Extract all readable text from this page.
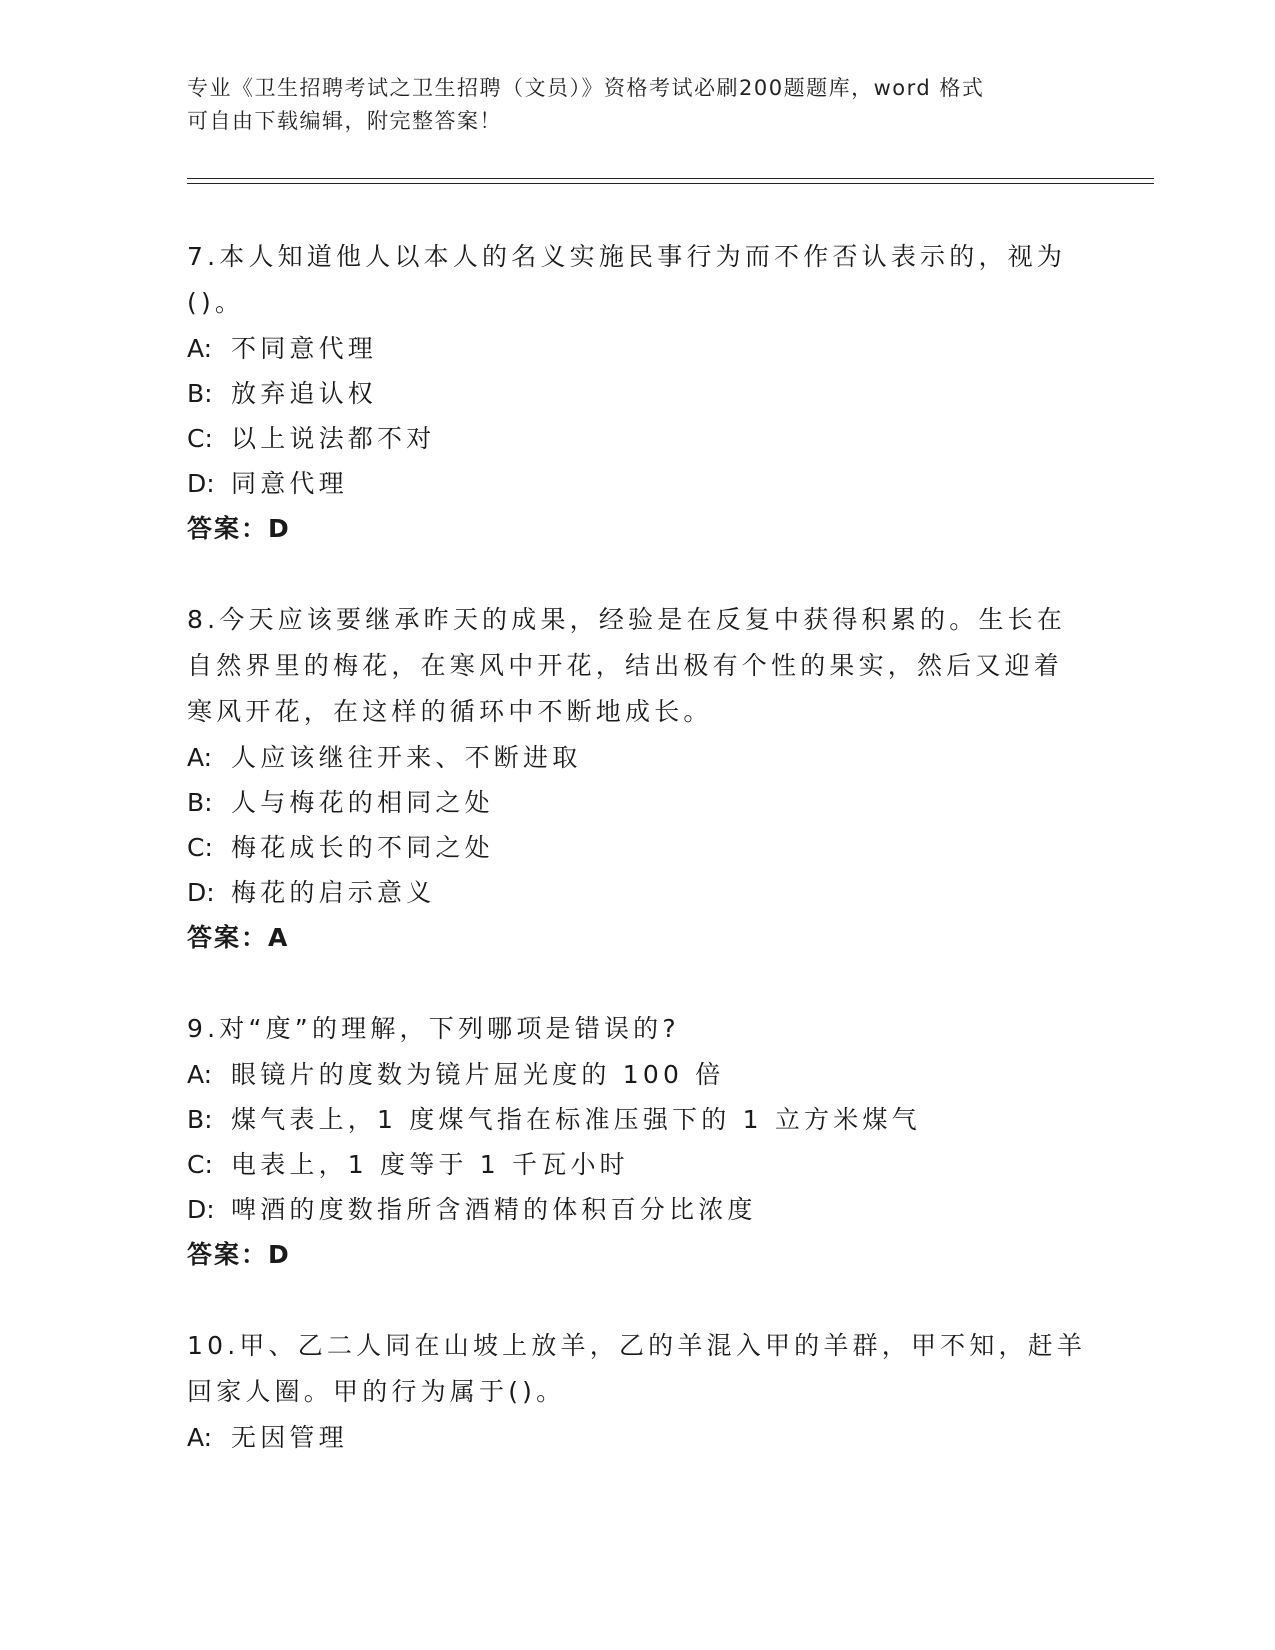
专业《卫生招聘考试之卫生招聘（文员）》资格考试必刷200题题库，word 格式
可自由下载编辑，附完整答案！

7.本人知道他人以本人的名义实施民事行为而不作否认表示的，视为()。

A: 不同意代理

B: 放弃追认权

C: 以上说法都不对

D: 同意代理

答案：D

8.今天应该要继承昨天的成果，经验是在反复中获得积累的。生长在自然界里的梅花，在寒风中开花，结出极有个性的果实，然后又迎着寒风开花，在这样的循环中不断地成长。

A: 人应该继往开来、不断进取

B: 人与梅花的相同之处

C: 梅花成长的不同之处

D: 梅花的启示意义

答案：A

9.对“度”的理解，下列哪项是错误的?

A: 眼镜片的度数为镜片屈光度的 100 倍

B: 煤气表上，1 度煤气指在标准压强下的 1 立方米煤气

C: 电表上，1 度等于 1 千瓦小时

D: 啤酒的度数指所含酒精的体积百分比浓度

答案：D

10.甲、乙二人同在山坡上放羊，乙的羊混入甲的羊群，甲不知，赶羊回家人圈。甲的行为属于()。

A: 无因管理
